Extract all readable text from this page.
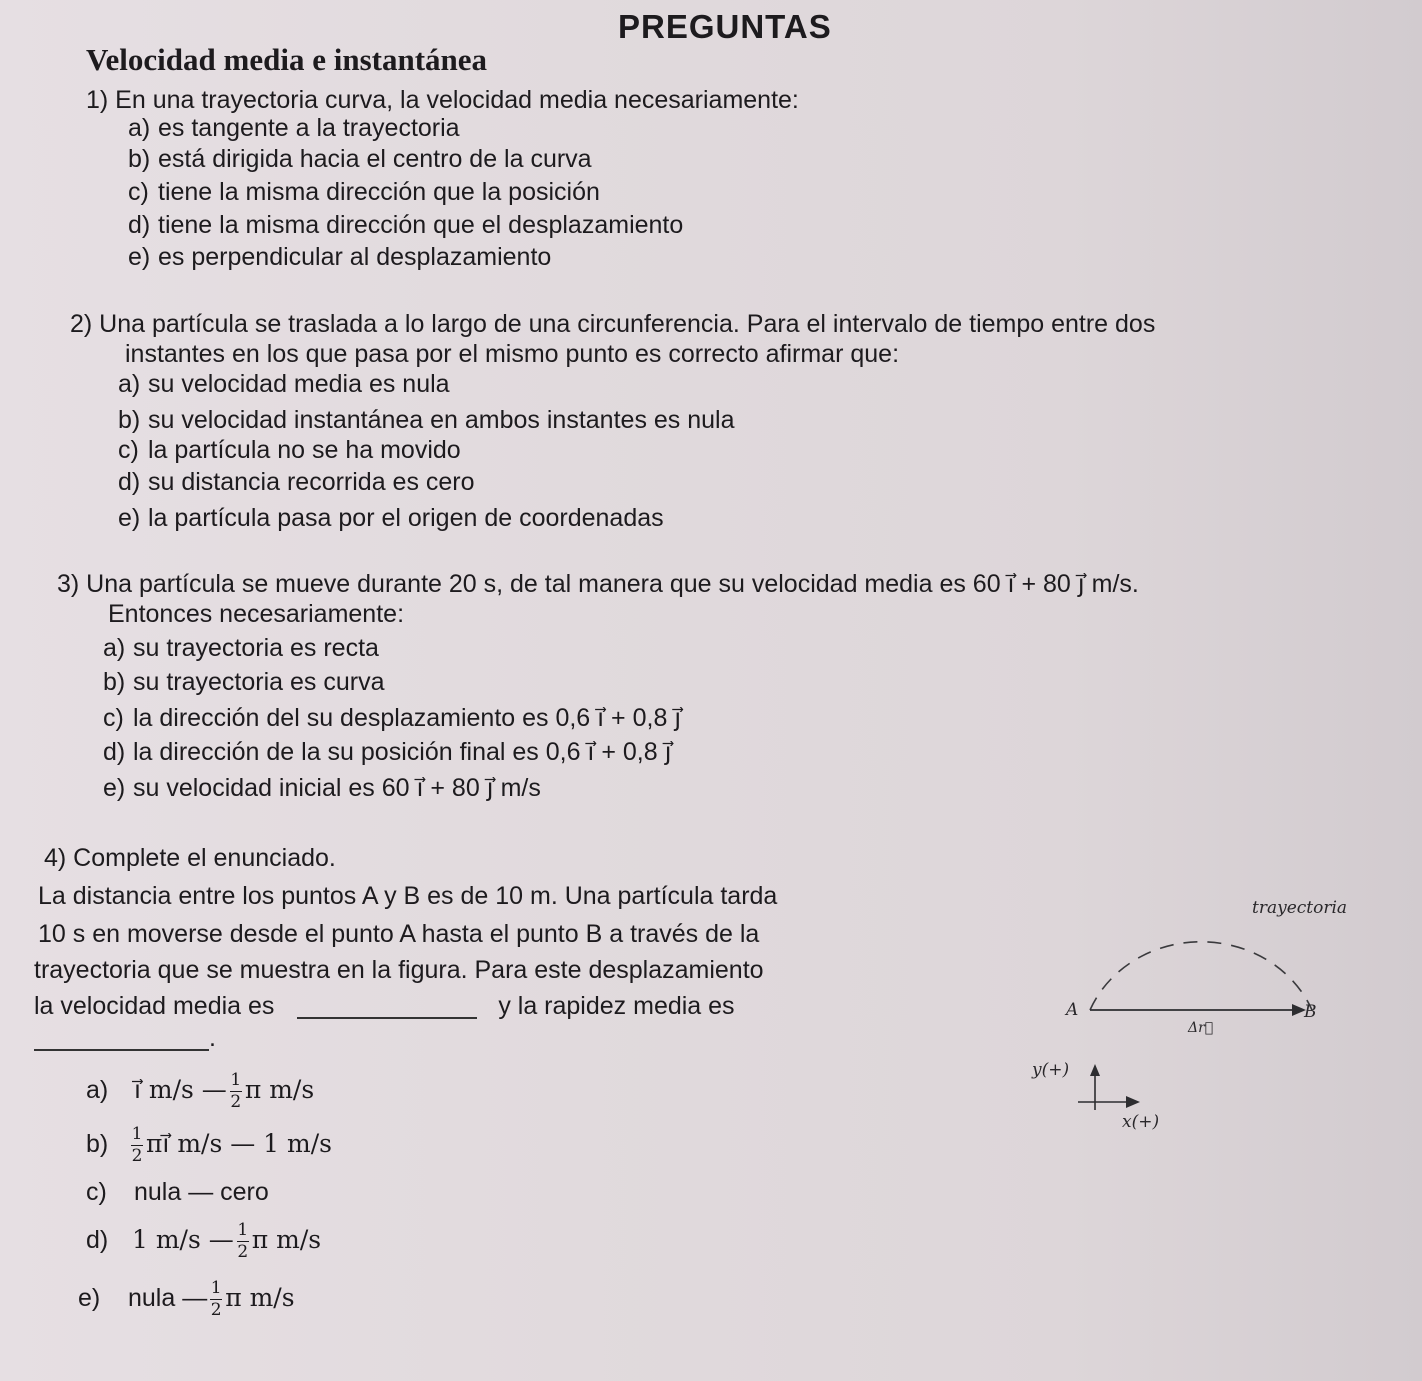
PREGUNTAS
Velocidad media e instantánea
1) En una trayectoria curva, la velocidad media necesariamente:
a) es tangente a la trayectoria
b) está dirigida hacia el centro de la curva
c) tiene la misma dirección que la posición
d) tiene la misma dirección que el desplazamiento
e) es perpendicular al desplazamiento
2) Una partícula se traslada a lo largo de una circunferencia. Para el intervalo de tiempo entre dos
instantes en los que pasa por el mismo punto es correcto afirmar que:
a) su velocidad media es nula
b) su velocidad instantánea en ambos instantes es nula
c) la partícula no se ha movido
d) su distancia recorrida es cero
e) la partícula pasa por el origen de coordenadas
3) Una partícula se mueve durante 20 s, de tal manera que su velocidad media es 60 i⃗ + 80 j⃗ m/s.
Entonces necesariamente:
a) su trayectoria es recta
b) su trayectoria es curva
c) la dirección del su desplazamiento es 0,6 i⃗ + 0,8 j⃗
d) la dirección de la su posición final es 0,6 i⃗ + 0,8 j⃗
e) su velocidad inicial es 60 i⃗ + 80 j⃗ m/s
4) Complete el enunciado.
La distancia entre los puntos A y B es de 10 m. Una partícula tarda
10 s en moverse desde el punto A hasta el punto B a través de la
trayectoria que se muestra en la figura. Para este desplazamiento
la velocidad media es	y la rapidez media es
.
a) i⃗ m/s — $\frac{1}{2}$ π m/s
$b) \frac{1}{2}$ πi⃗ m/s — 1 m/s
c) nula — cero
d) 1 m/s — $\frac{1}{2}$ π m/s
e) nula — $\frac{1}{2}$ π m/s
trayectoria
A	B
Δr⃗
y(+)
x(+)
